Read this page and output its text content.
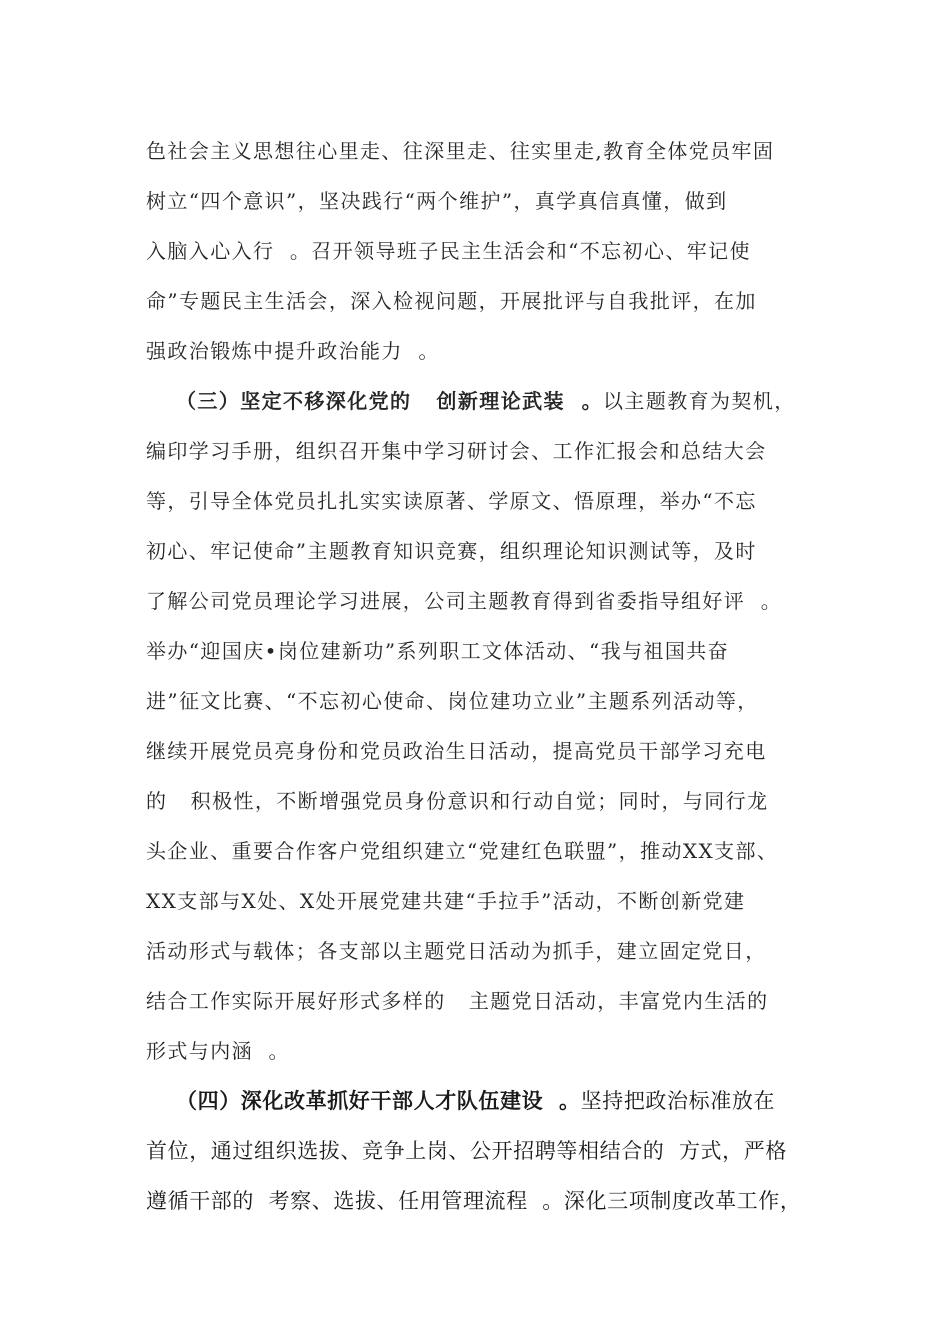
色社会主义思想往心里走、往深里走、往实里走,教育全体党员牢固
树立“四个意识”，坚决践行“两个维护”，真学真信真懂，做到
入脑入心入行  。召开领导班子民主生活会和“不忘初心、牢记使
命”专题民主生活会，深入检视问题，开展批评与自我批评，在加
强政治锻炼中提升政治能力  。
（三）坚定不移深化党的   创新理论武装  。以主题教育为契机，
编印学习手册，组织召开集中学习研讨会、工作汇报会和总结大会
等，引导全体党员扎扎实实读原著、学原文、悟原理，举办“不忘
初心、牢记使命”主题教育知识竞赛，组织理论知识测试等，及时
了解公司党员理论学习进展，公司主题教育得到省委指导组好评  。
举办“迎国庆•岗位建新功”系列职工文体活动、“我与祖国共奋
进”征文比赛、“不忘初心使命、岗位建功立业”主题系列活动等，
继续开展党员亮身份和党员政治生日活动，提高党员干部学习充电
的   积极性，不断增强党员身份意识和行动自觉；同时，与同行龙
头企业、重要合作客户党组织建立“党建红色联盟”，推动XX支部、
XX支部与X处、X处开展党建共建“手拉手”活动，不断创新党建
活动形式与载体；各支部以主题党日活动为抓手，建立固定党日，
结合工作实际开展好形式多样的   主题党日活动，丰富党内生活的
形式与内涵  。
（四）深化改革抓好干部人才队伍建设  。坚持把政治标准放在
首位，通过组织选拔、竞争上岗、公开招聘等相结合的  方式，严格
遵循干部的  考察、选拔、任用管理流程  。深化三项制度改革工作，
